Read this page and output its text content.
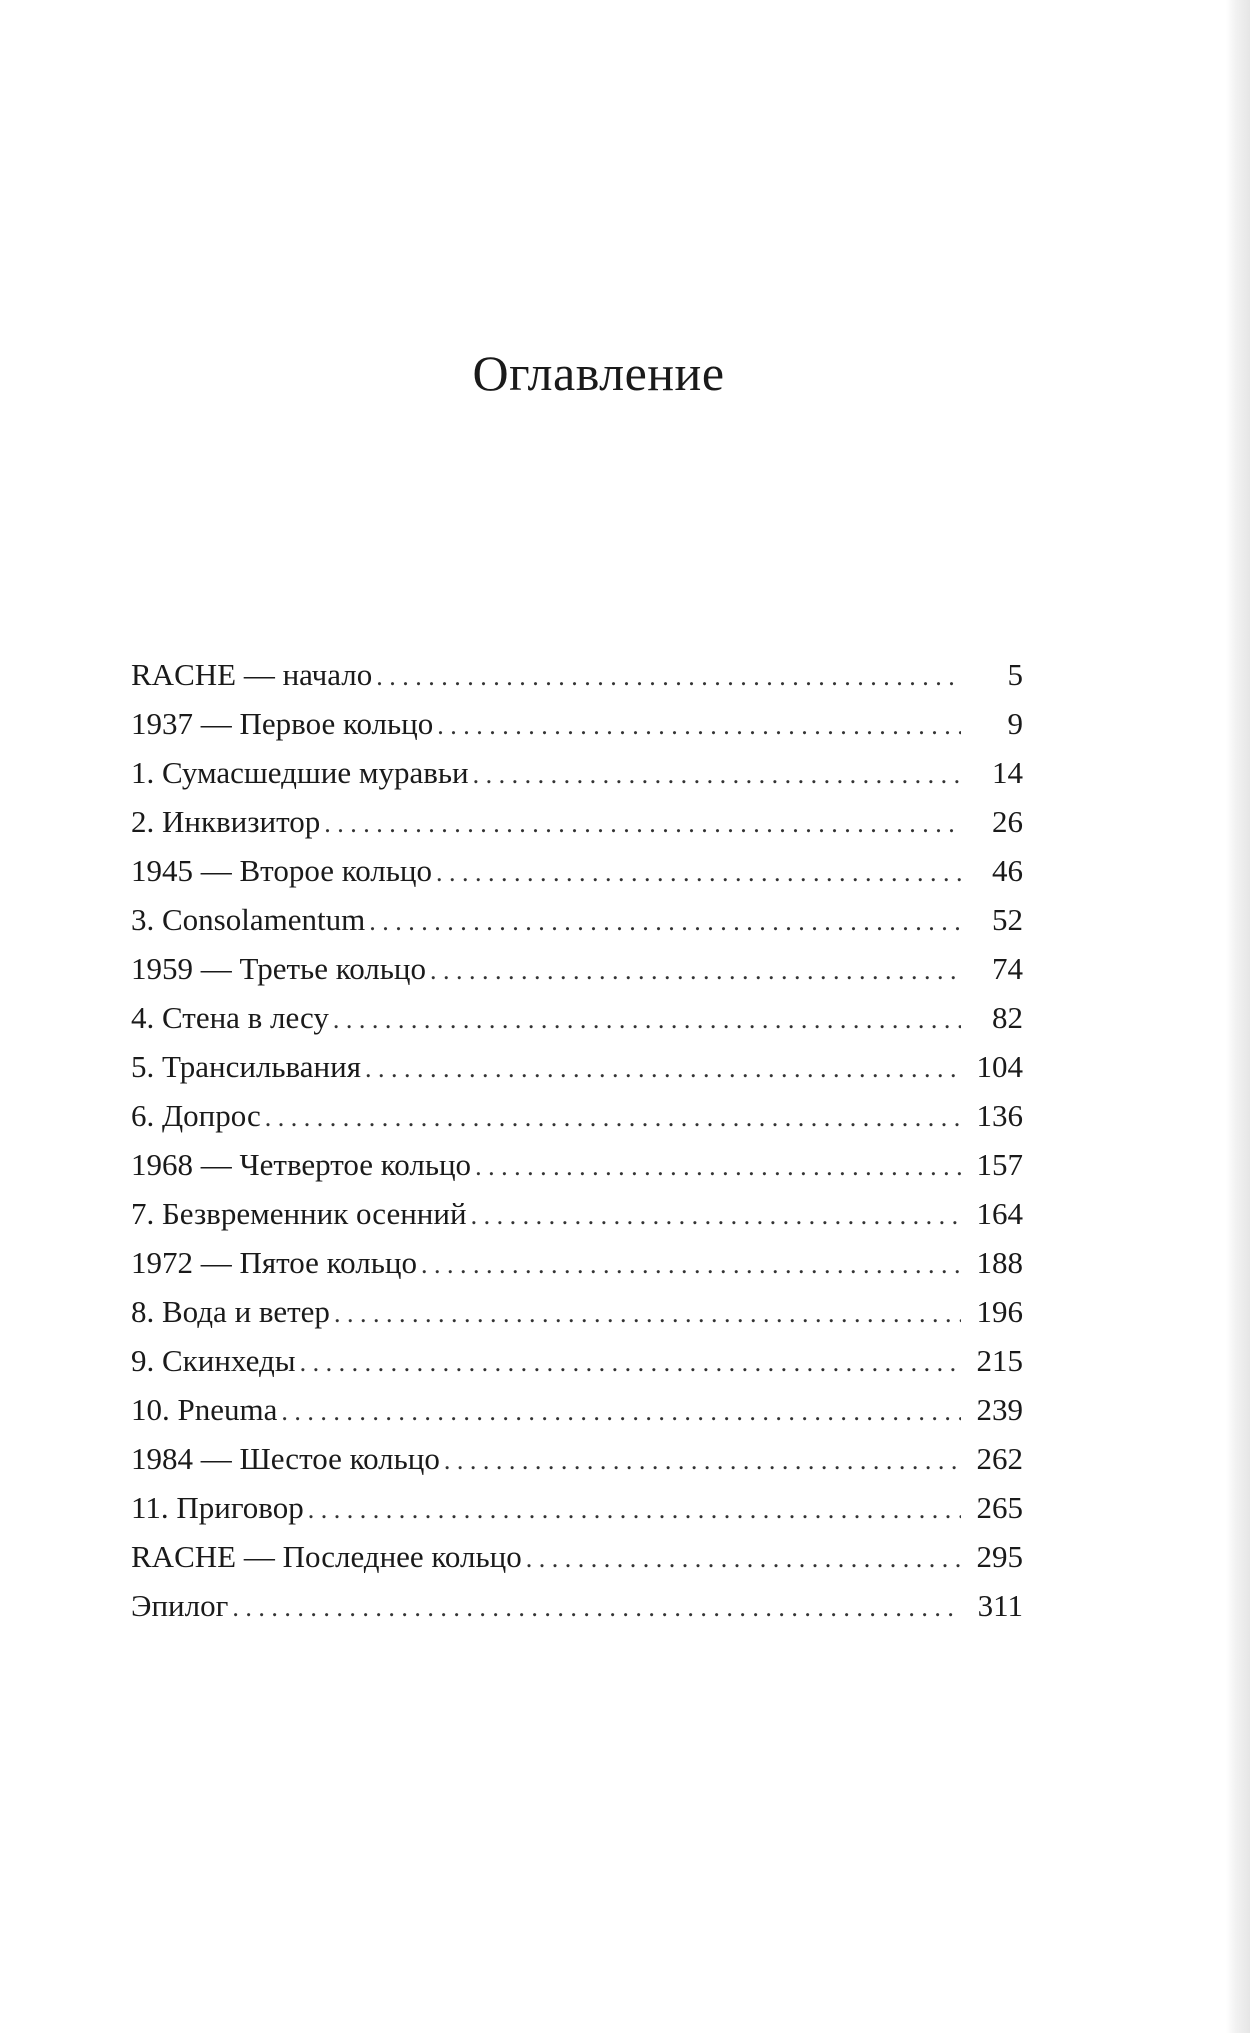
Оглавление
RACHE — начало . . .	5
1937 — Первое кольцо . . .	9
1. Сумасшедшие муравьи . . .	14
2. Инквизитор . . .	26
1945 — Второе кольцо . . .	46
3. Consolamentum . . .	52
1959 — Третье кольцо . . .	74
4. Стена в лесу . . .	82
5. Трансильвания . . .	104
6. Допрос . . .	136
1968 — Четвертое кольцо . . .	157
7. Безвременник осенний . . .	164
1972 — Пятое кольцо . . .	188
8. Вода и ветер . . .	196
9. Скинхеды . . .	215
10. Pneuma . . .	239
1984 — Шестое кольцо . . .	262
11. Приговор . . .	265
RACHE — Последнее кольцо . . .	295
Эпилог . . .	311
